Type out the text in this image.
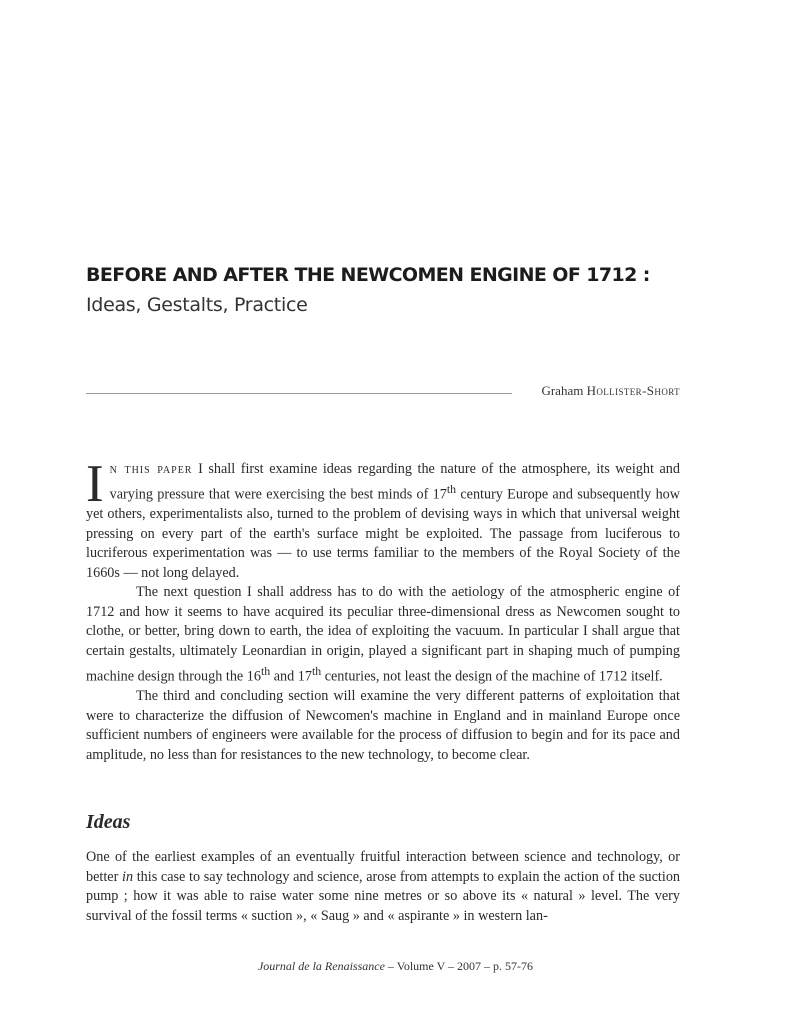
BEFORE AND AFTER THE NEWCOMEN ENGINE OF 1712 :
Ideas, Gestalts, Practice
Graham Hollister-Short

In this paper I shall first examine ideas regarding the nature of the atmosphere, its weight and varying pressure that were exercising the best minds of 17th century Europe and subsequently how yet others, experimentalists also, turned to the problem of devising ways in which that universal weight pressing on every part of the earth's surface might be exploited. The passage from luciferous to lucriferous experimentation was — to use terms familiar to the members of the Royal Society of the 1660s — not long delayed.

The next question I shall address has to do with the aetiology of the atmospheric engine of 1712 and how it seems to have acquired its peculiar three-dimensional dress as Newcomen sought to clothe, or better, bring down to earth, the idea of exploiting the vacuum. In particular I shall argue that certain gestalts, ultimately Leonardian in origin, played a significant part in shaping much of pumping machine design through the 16th and 17th centuries, not least the design of the machine of 1712 itself.

The third and concluding section will examine the very different patterns of exploitation that were to characterize the diffusion of Newcomen's machine in England and in mainland Europe once sufficient numbers of engineers were available for the process of diffusion to begin and for its pace and amplitude, no less than for resistances to the new technology, to become clear.

Ideas

One of the earliest examples of an eventually fruitful interaction between science and technology, or better in this case to say technology and science, arose from attempts to explain the action of the suction pump ; how it was able to raise water some nine metres or so above its « natural » level. The very survival of the fossil terms « suction », « Saug » and « aspirante » in western lan-

Journal de la Renaissance – Volume V – 2007 – p. 57-76
